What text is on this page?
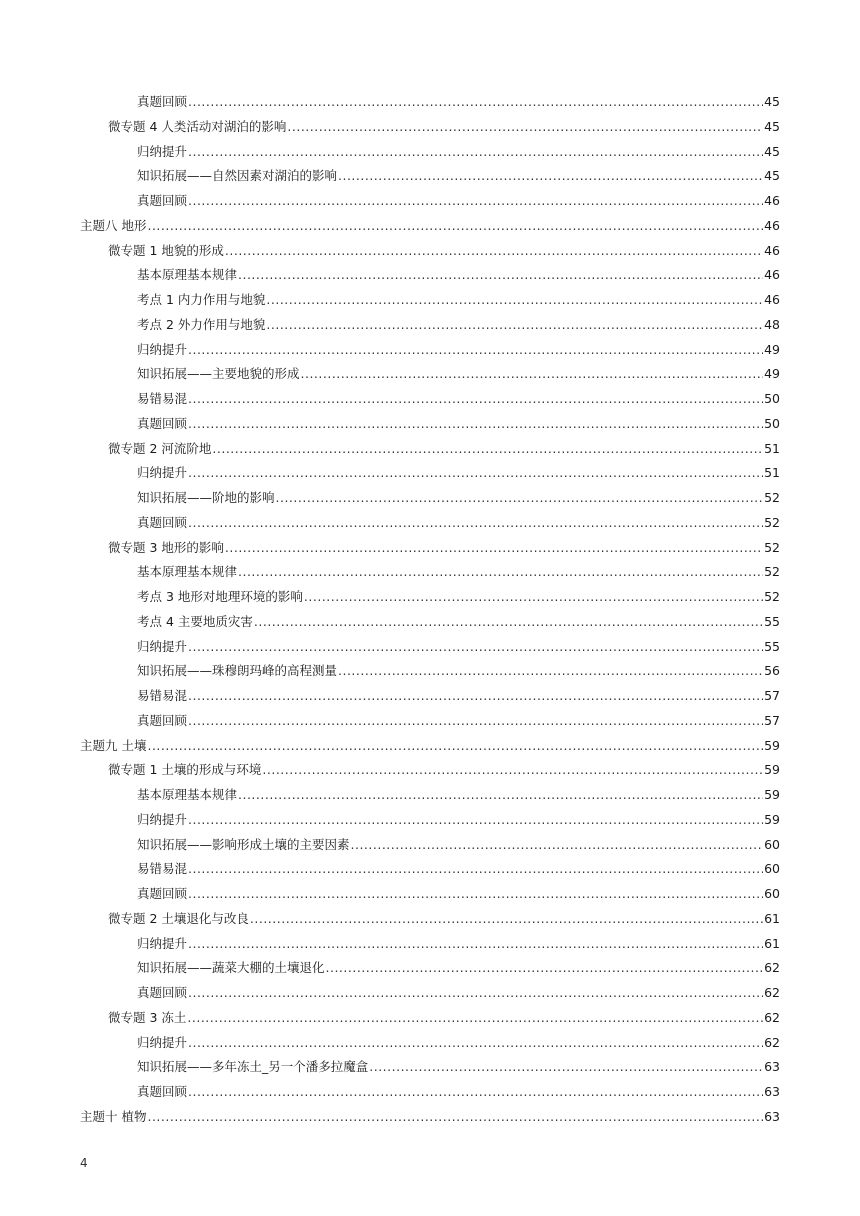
真题回顾 .....	45
微专题 4 人类活动对湖泊的影响 .....	45
归纳提升 .....	45
知识拓展——自然因素对湖泊的影响 .....	45
真题回顾 .....	46
主题八 地形 .....	46
微专题 1 地貌的形成 .....	46
基本原理基本规律 .....	46
考点 1 内力作用与地貌 .....	46
考点 2 外力作用与地貌 .....	48
归纳提升 .....	49
知识拓展——主要地貌的形成 .....	49
易错易混 .....	50
真题回顾 .....	50
微专题 2 河流阶地 .....	51
归纳提升 .....	51
知识拓展——阶地的影响 .....	52
真题回顾 .....	52
微专题 3 地形的影响 .....	52
基本原理基本规律 .....	52
考点 3 地形对地理环境的影响 .....	52
考点 4 主要地质灾害 .....	55
归纳提升 .....	55
知识拓展——珠穆朗玛峰的高程测量 .....	56
易错易混 .....	57
真题回顾 .....	57
主题九 土壤 .....	59
微专题 1 土壤的形成与环境 .....	59
基本原理基本规律 .....	59
归纳提升 .....	59
知识拓展——影响形成土壤的主要因素 .....	60
易错易混 .....	60
真题回顾 .....	60
微专题 2 土壤退化与改良 .....	61
归纳提升 .....	61
知识拓展——蔬菜大棚的土壤退化 .....	62
真题回顾 .....	62
微专题 3 冻土 .....	62
归纳提升 .....	62
知识拓展——多年冻土_另一个潘多拉魔盒 .....	63
真题回顾 .....	63
主题十 植物 .....	63
4
